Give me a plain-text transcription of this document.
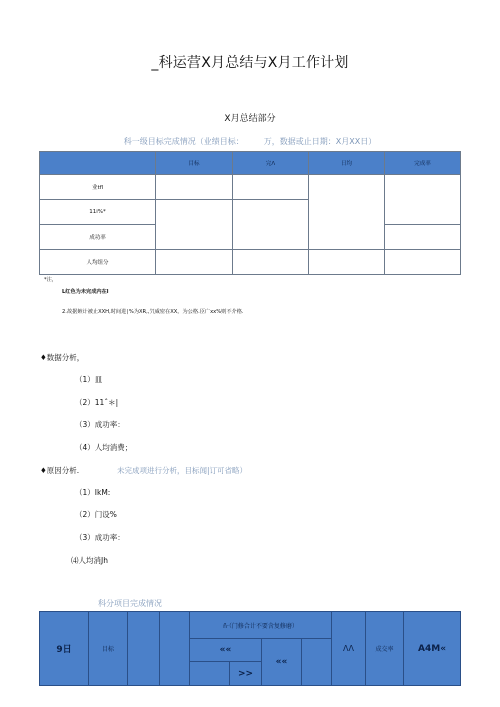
_科运营X月总结与X月工作计划
X月总结部分
科一级目标完成情况（业绩目标：　　　万，数据或止日期：X月XX日）
	目标	完Λ	日均	完成率
业tfl				
11i%*				
成功率				
人均组分				
*注，
L红色为未完成内在l
2.故据嫉计被止XXH,时间进∣%为XR,,氕威密在XX。为公格.臣广xx%则不介格.
♦数据分析，
（1）皿
（2）11ˆ＊|
（3）成功率：
（4）人均消费；
♦原因分析.	未完成项进行分析，目标闻|订可省略）
（1）IkM:
（2）门设%
（3）成功率：
⑷人均消Jh
科分项目完成情况
9日	目标			ñ·（门修合计不要含复修磨）				ΛΛ	成交率	A4M«
				««		««				
					>>					
